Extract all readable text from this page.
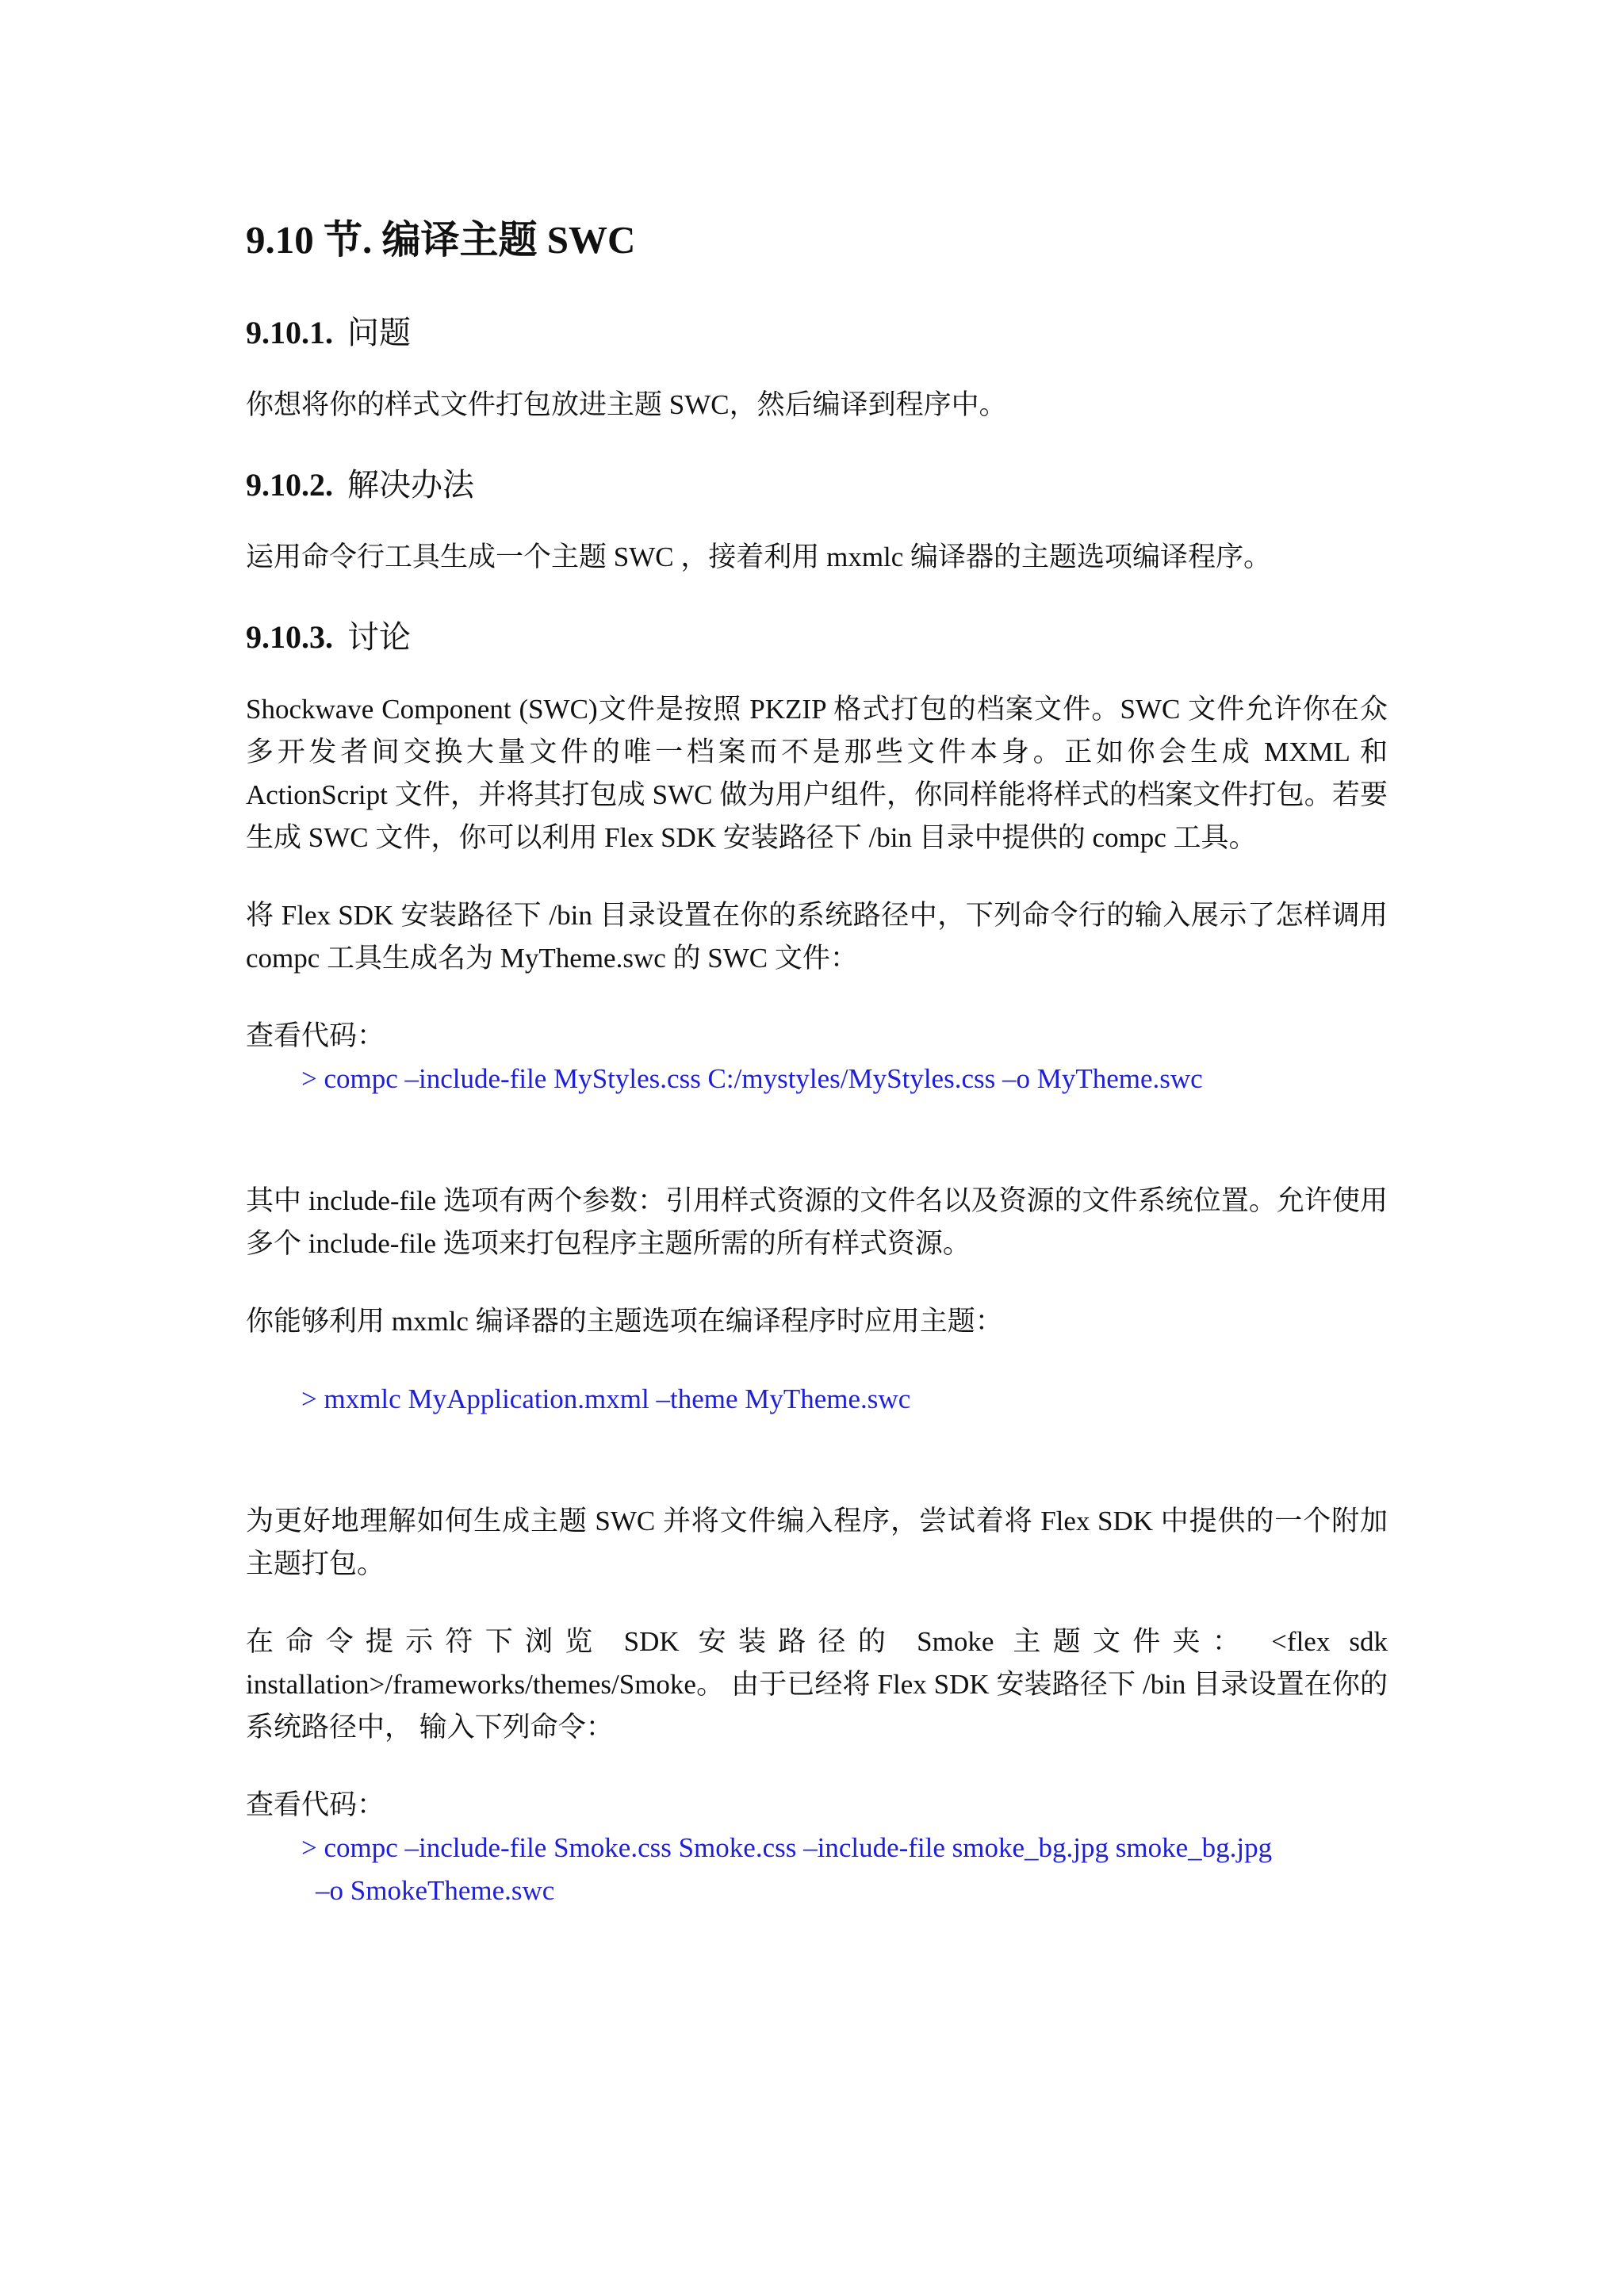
9.10 节. 编译主题 SWC
9.10.1. 问题

你想将你的样式文件打包放进主题 SWC，然后编译到程序中。

9.10.2. 解决办法

运用命令行工具生成一个主题 SWC ，接着利用 mxmlc 编译器的主题选项编译程序。

9.10.3. 讨论

Shockwave Component (SWC)文件是按照 PKZIP 格式打包的档案文件。SWC 文件允许你在众多开发者间交换大量文件的唯一档案而不是那些文件本身。正如你会生成 MXML 和 ActionScript 文件，并将其打包成 SWC 做为用户组件，你同样能将样式的档案文件打包。若要生成 SWC 文件，你可以利用 Flex SDK 安装路径下 /bin 目录中提供的 compc 工具。

将 Flex SDK 安装路径下 /bin 目录设置在你的系统路径中，下列命令行的输入展示了怎样调用 compc 工具生成名为 MyTheme.swc 的 SWC 文件：

查看代码：

> compc –include-file MyStyles.css C:/mystyles/MyStyles.css –o MyTheme.swc

其中 include-file 选项有两个参数：引用样式资源的文件名以及资源的文件系统位置。允许使用多个 include-file 选项来打包程序主题所需的所有样式资源。

你能够利用 mxmlc 编译器的主题选项在编译程序时应用主题：

> mxmlc MyApplication.mxml –theme MyTheme.swc

为更好地理解如何生成主题 SWC 并将文件编入程序，尝试着将 Flex SDK 中提供的一个附加主题打包。

在命令提示符下浏览 SDK 安装路径的 Smoke 主题文件夹： <flex sdk installation>/frameworks/themes/Smoke。 由于已经将 Flex SDK 安装路径下 /bin 目录设置在你的系统路径中， 输入下列命令：

查看代码：

> compc –include-file Smoke.css Smoke.css –include-file smoke_bg.jpg smoke_bg.jpg
–o SmokeTheme.swc
